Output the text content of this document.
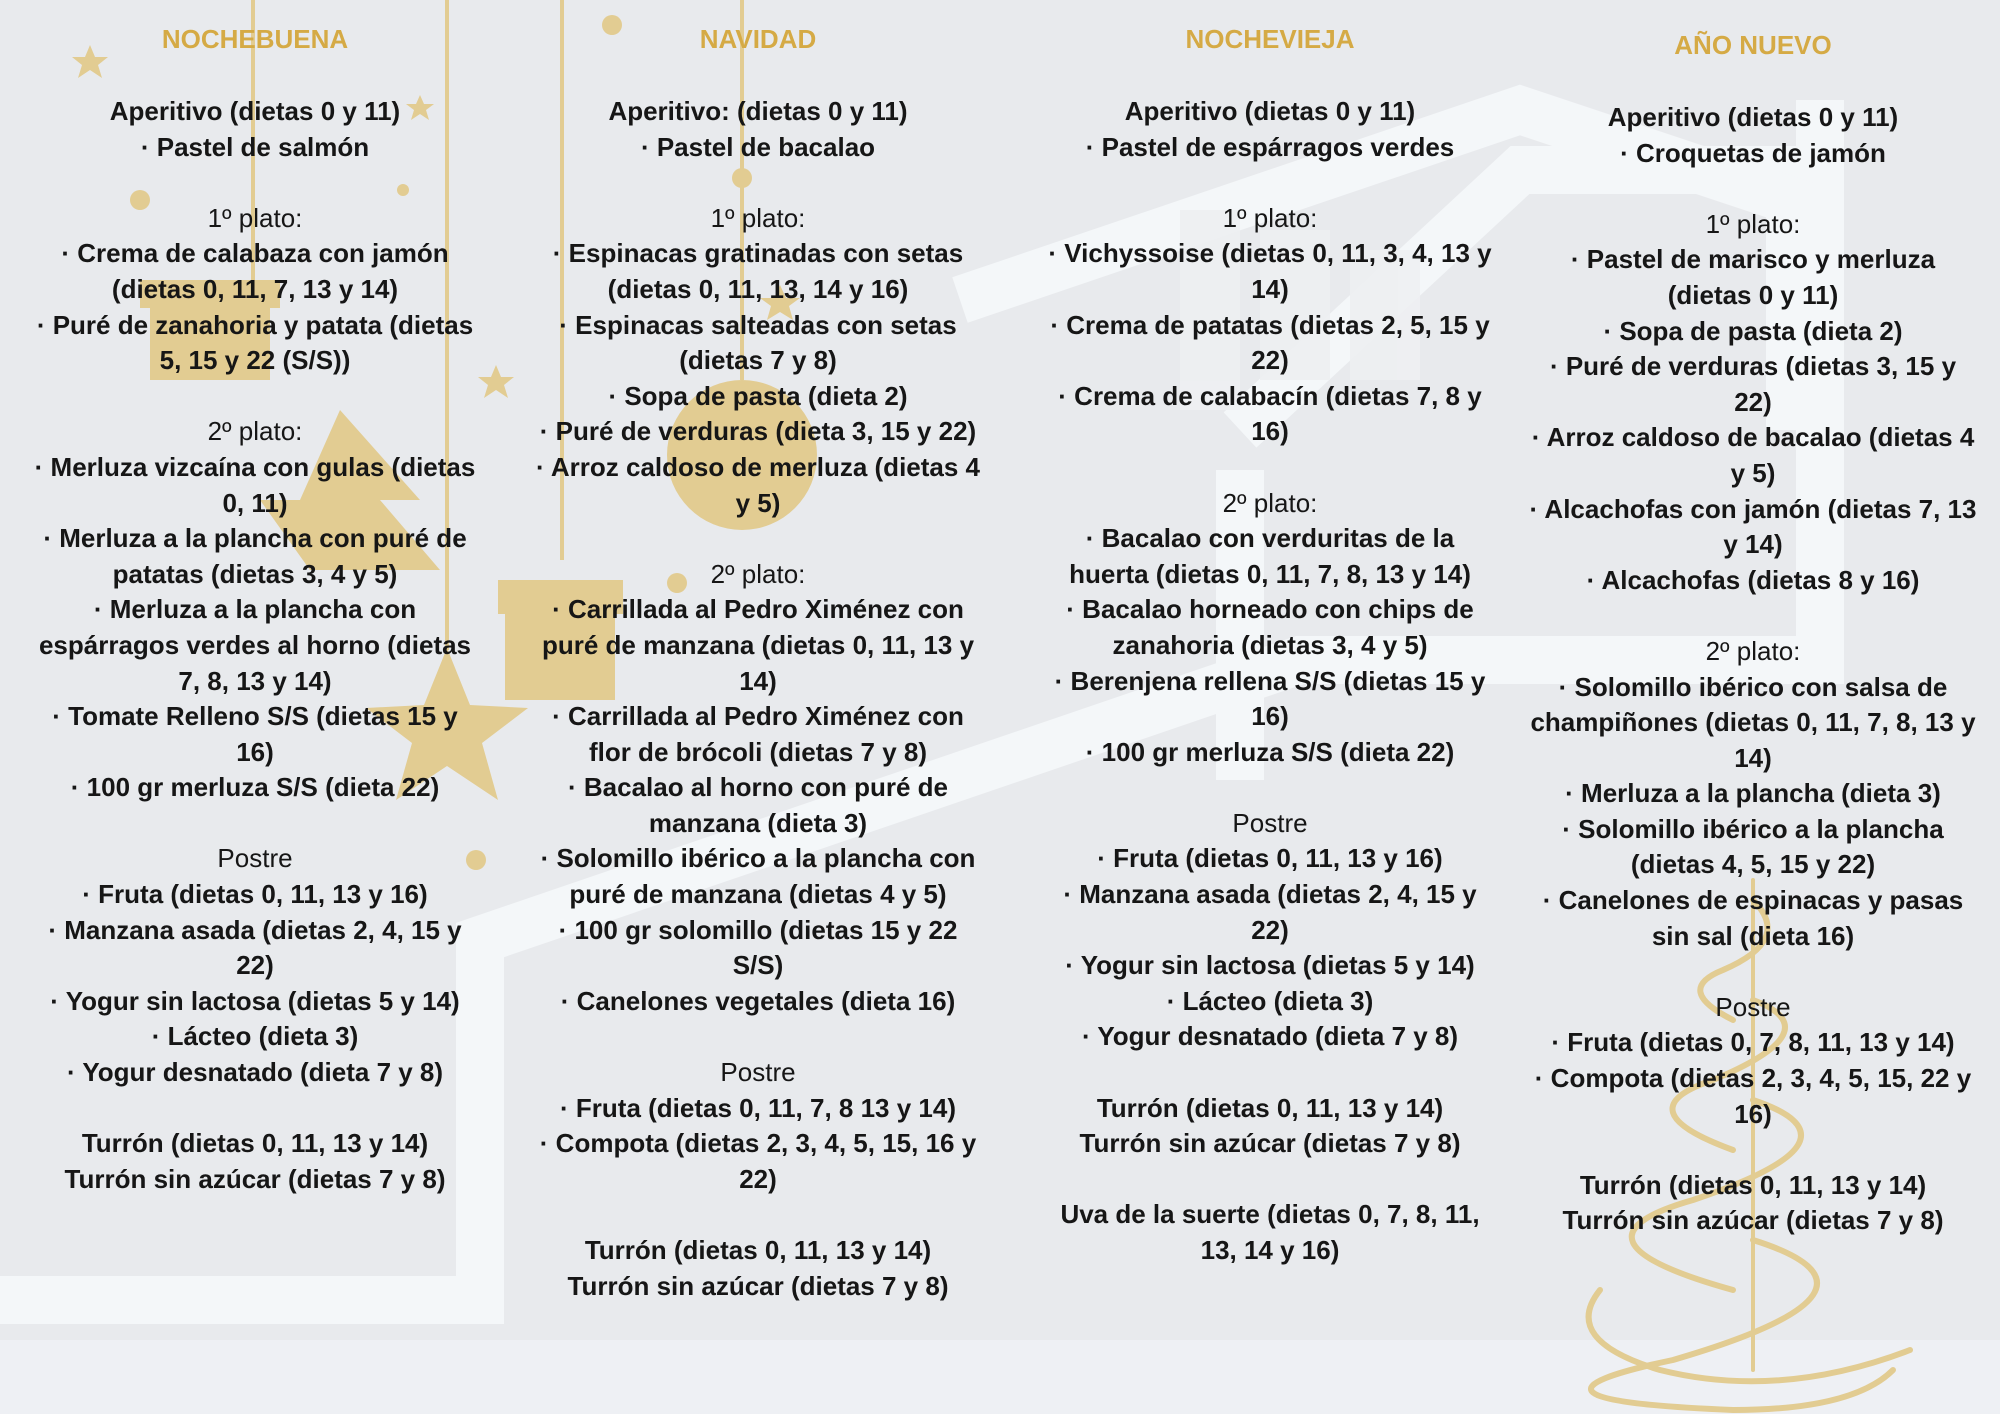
NOCHEBUENA
Aperitivo (dietas 0 y 11)
· Pastel de salmón
1º plato:
· Crema de calabaza con jamón (dietas 0, 11, 7, 13 y 14)
· Puré de zanahoria y patata (dietas 5, 15 y 22 (S/S))
2º plato:
· Merluza vizcaína con gulas (dietas 0, 11)
· Merluza a la plancha con puré de patatas (dietas 3, 4 y 5)
· Merluza a la plancha con espárragos verdes al horno (dietas 7, 8, 13 y 14)
· Tomate Relleno S/S (dietas 15 y 16)
· 100 gr merluza S/S (dieta 22)
Postre
· Fruta (dietas 0, 11, 13 y 16)
· Manzana asada (dietas 2, 4, 15 y 22)
· Yogur sin lactosa (dietas 5 y 14)
· Lácteo (dieta 3)
· Yogur desnatado (dieta 7 y 8)
Turrón (dietas 0, 11, 13 y 14)
Turrón sin azúcar (dietas 7 y 8)
NAVIDAD
Aperitivo: (dietas 0 y 11)
· Pastel de bacalao
1º plato:
· Espinacas gratinadas con setas (dietas 0, 11, 13, 14 y 16)
· Espinacas salteadas con setas (dietas 7 y 8)
· Sopa de pasta (dieta 2)
· Puré de verduras (dieta 3, 15 y 22)
· Arroz caldoso de merluza (dietas 4 y 5)
2º plato:
· Carrillada al Pedro Ximénez con puré de manzana (dietas 0, 11, 13 y 14)
· Carrillada al Pedro Ximénez con flor de brócoli (dietas 7 y 8)
· Bacalao al horno con puré de manzana (dieta 3)
· Solomillo ibérico a la plancha con puré de manzana (dietas 4 y 5)
· 100 gr solomillo (dietas 15 y 22 S/S)
· Canelones vegetales (dieta 16)
Postre
· Fruta (dietas 0, 11, 7, 8 13 y 14)
· Compota (dietas 2, 3, 4, 5, 15, 16 y 22)
Turrón (dietas 0, 11, 13 y 14)
Turrón sin azúcar (dietas 7 y 8)
NOCHEVIEJA
Aperitivo (dietas 0 y 11)
· Pastel de espárragos verdes
1º plato:
· Vichyssoise (dietas 0, 11, 3, 4, 13 y 14)
· Crema de patatas (dietas 2, 5, 15 y 22)
· Crema de calabacín (dietas 7, 8 y 16)
2º plato:
· Bacalao con verduritas de la huerta (dietas 0, 11, 7, 8, 13 y 14)
· Bacalao horneado con chips de zanahoria (dietas 3, 4 y 5)
· Berenjena rellena S/S (dietas 15 y 16)
· 100 gr merluza S/S (dieta 22)
Postre
· Fruta (dietas 0, 11, 13 y 16)
· Manzana asada (dietas 2, 4, 15 y 22)
· Yogur sin lactosa (dietas 5 y 14)
· Lácteo (dieta 3)
· Yogur desnatado (dieta 7 y 8)
Turrón (dietas 0, 11, 13 y 14)
Turrón sin azúcar (dietas 7 y 8)
Uva de la suerte (dietas 0, 7, 8, 11, 13, 14 y 16)
AÑO NUEVO
Aperitivo (dietas 0 y 11)
· Croquetas de jamón
1º plato:
· Pastel de marisco y merluza (dietas 0 y 11)
· Sopa de pasta (dieta 2)
· Puré de verduras (dietas 3, 15 y 22)
· Arroz caldoso de bacalao (dietas 4 y 5)
· Alcachofas con jamón (dietas 7, 13 y 14)
· Alcachofas (dietas 8 y 16)
2º plato:
· Solomillo ibérico con salsa de champiñones (dietas 0, 11, 7, 8, 13 y 14)
· Merluza a la plancha (dieta 3)
· Solomillo ibérico a la plancha (dietas 4, 5, 15 y 22)
· Canelones de espinacas y pasas sin sal (dieta 16)
Postre
· Fruta (dietas 0, 7, 8, 11, 13 y 14)
· Compota (dietas 2, 3, 4, 5, 15, 22 y 16)
Turrón (dietas 0, 11, 13 y 14)
Turrón sin azúcar (dietas 7 y 8)
